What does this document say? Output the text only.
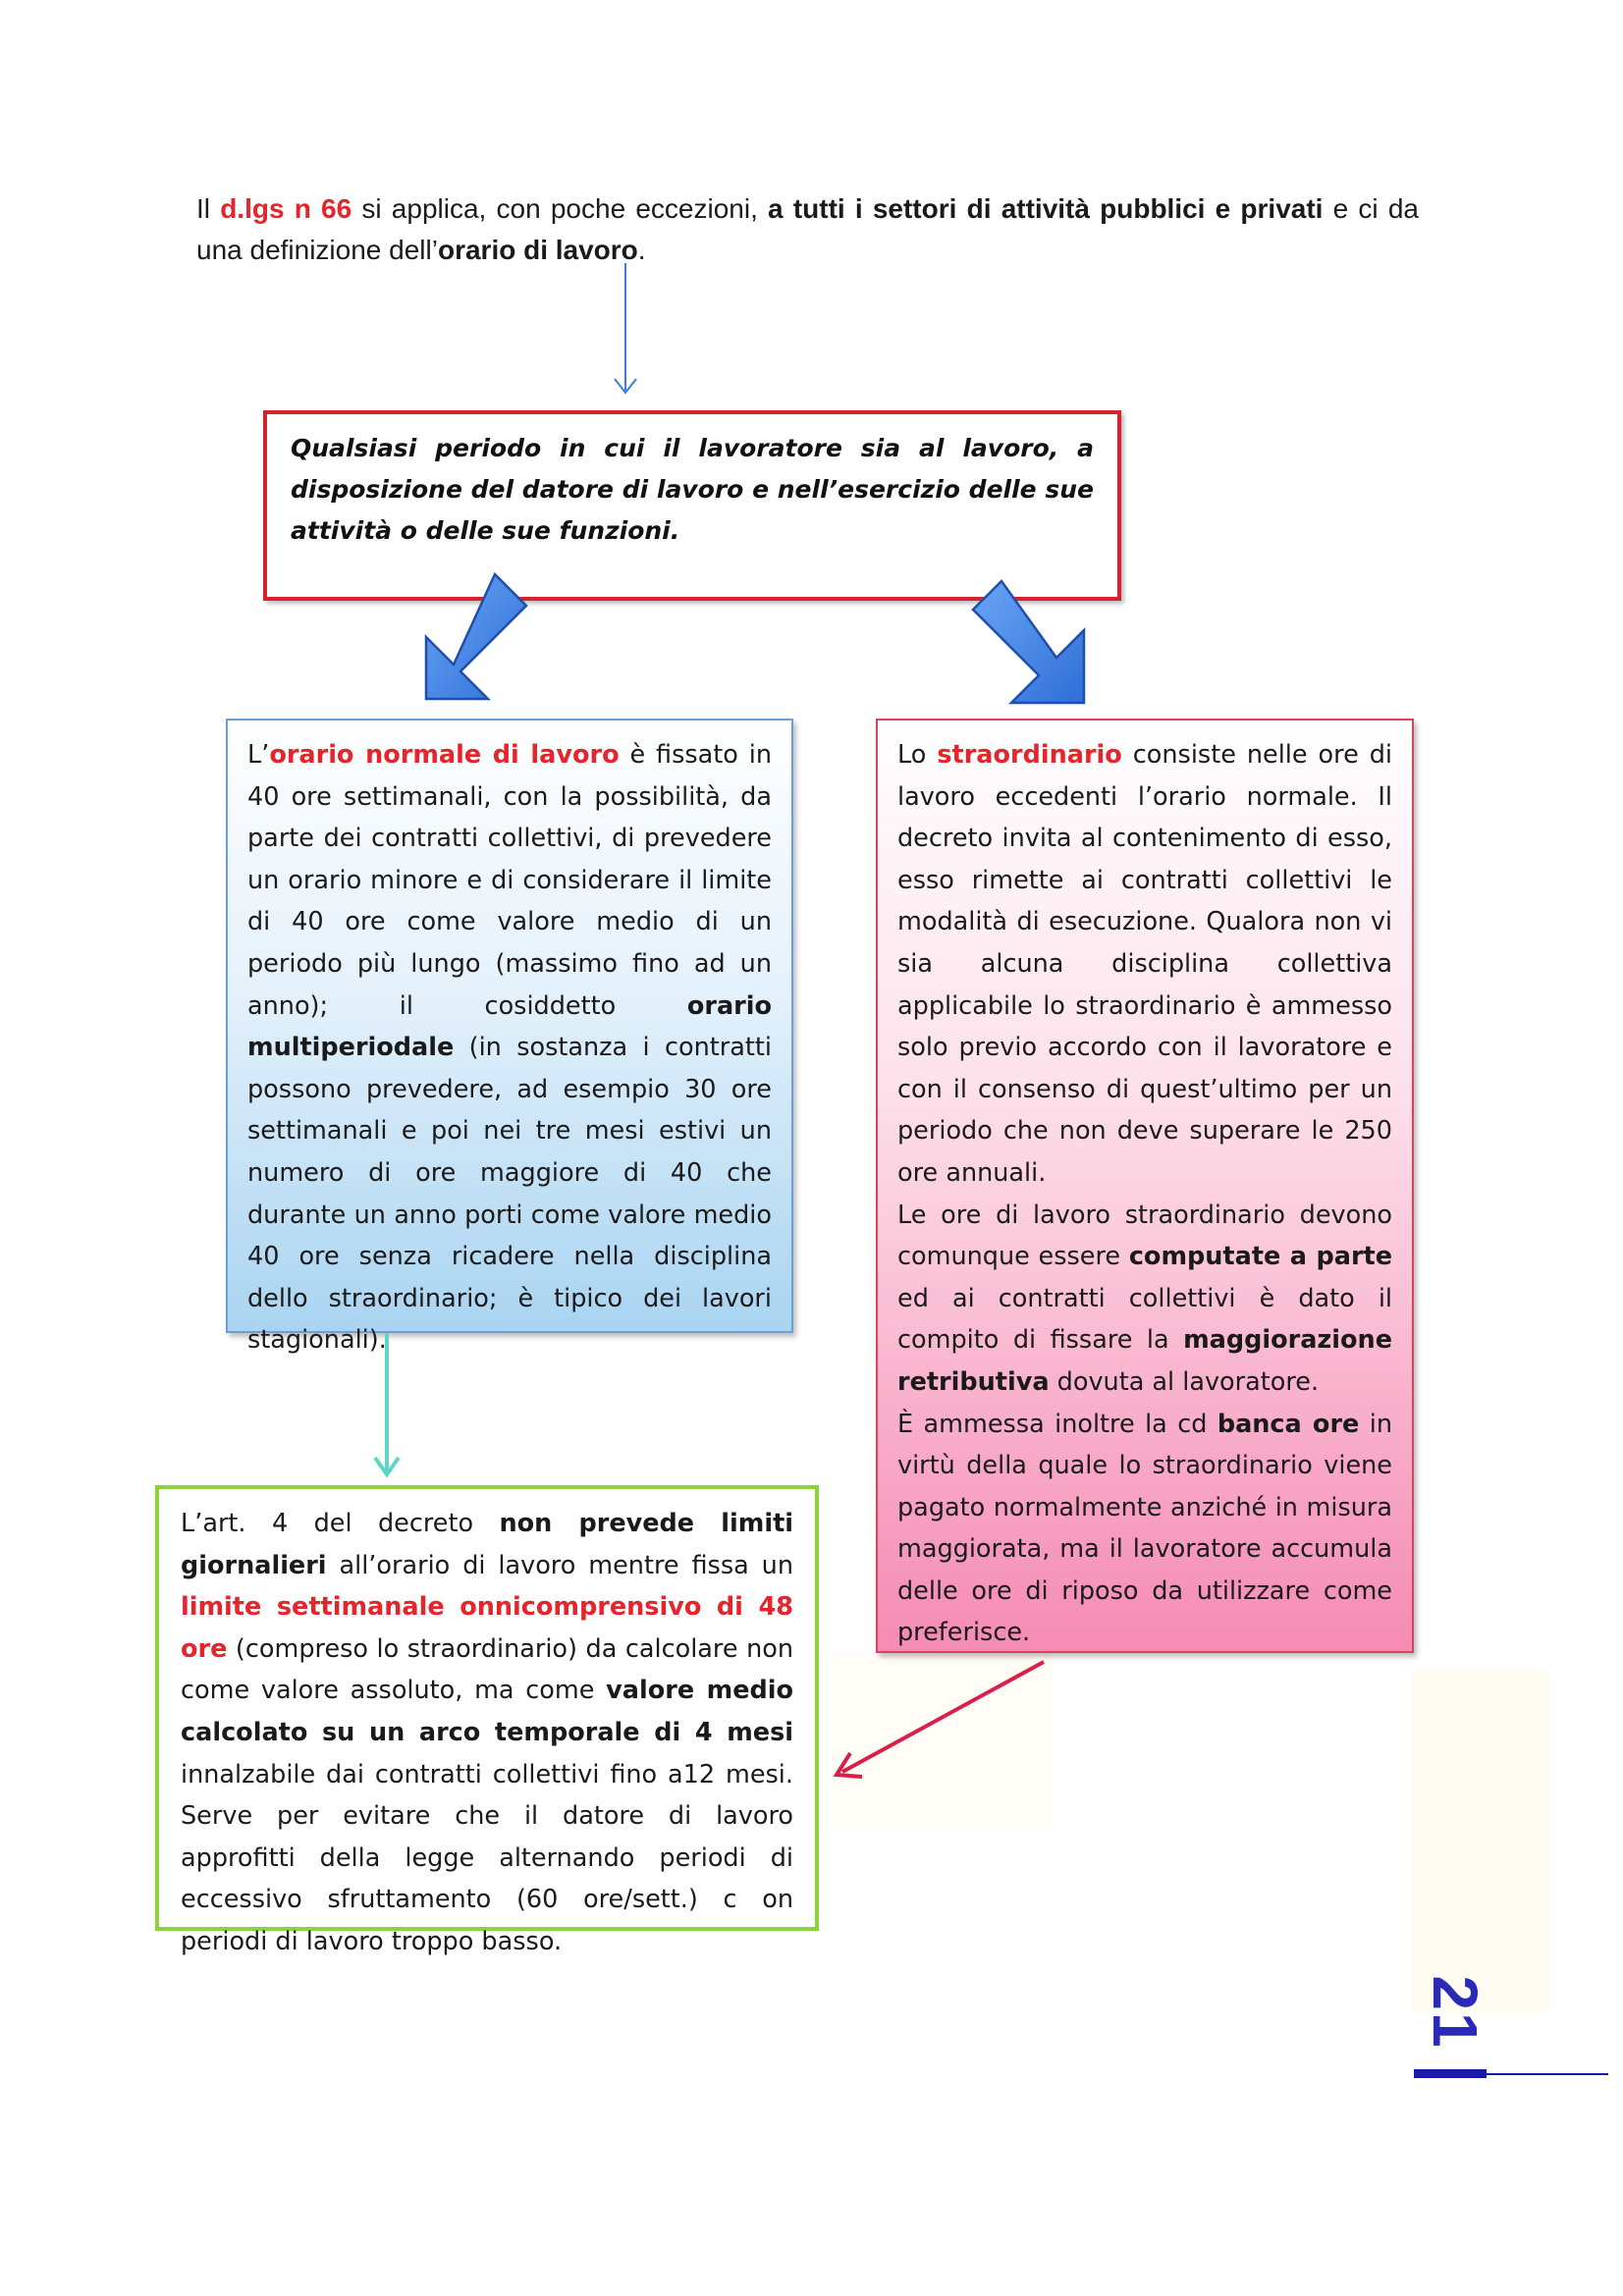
Il d.lgs n 66 si applica, con poche eccezioni, a tutti i settori di attività pubblici e privati e ci da una definizione dell’orario di lavoro.
Qualsiasi periodo in cui il lavoratore sia al lavoro, a disposizione del datore di lavoro e nell’esercizio delle sue attività o delle sue funzioni.

L’orario normale di lavoro è fissato in 40 ore settimanali, con la possibilità, da parte dei contratti collettivi, di prevedere un orario minore e di considerare il limite di 40 ore come valore medio di un periodo più lungo (massimo fino ad un anno); il cosiddetto orario multiperiodale (in sostanza i contratti possono prevedere, ad esempio 30 ore settimanali e poi nei tre mesi estivi un numero di ore maggiore di 40 che durante un anno porti come valore medio 40 ore senza ricadere nella disciplina dello straordinario; è tipico dei lavori stagionali).

Lo straordinario consiste nelle ore di lavoro eccedenti l’orario normale. Il decreto invita al contenimento di esso, esso rimette ai contratti collettivi le modalità di esecuzione. Qualora non vi sia alcuna disciplina collettiva applicabile lo straordinario è ammesso solo previo accordo con il lavoratore e con il consenso di quest’ultimo per un periodo che non deve superare le 250 ore annuali.

Le ore di lavoro straordinario devono comunque essere computate a parte ed ai contratti collettivi è dato il compito di fissare la maggiorazione retributiva dovuta al lavoratore.

È ammessa inoltre la cd banca ore in virtù della quale lo straordinario viene pagato normalmente anziché in misura maggiorata, ma il lavoratore accumula delle ore di riposo da utilizzare come preferisce.

L’art. 4 del decreto non prevede limiti giornalieri all’orario di lavoro mentre fissa un limite settimanale onnicomprensivo di 48 ore (compreso lo straordinario) da calcolare non come valore assoluto, ma come valore medio calcolato su un arco temporale di 4 mesi innalzabile dai contratti collettivi fino a12 mesi. Serve per evitare che il datore di lavoro approfitti della legge alternando periodi di eccessivo sfruttamento (60 ore/sett.) c on periodi di lavoro troppo basso.

21
